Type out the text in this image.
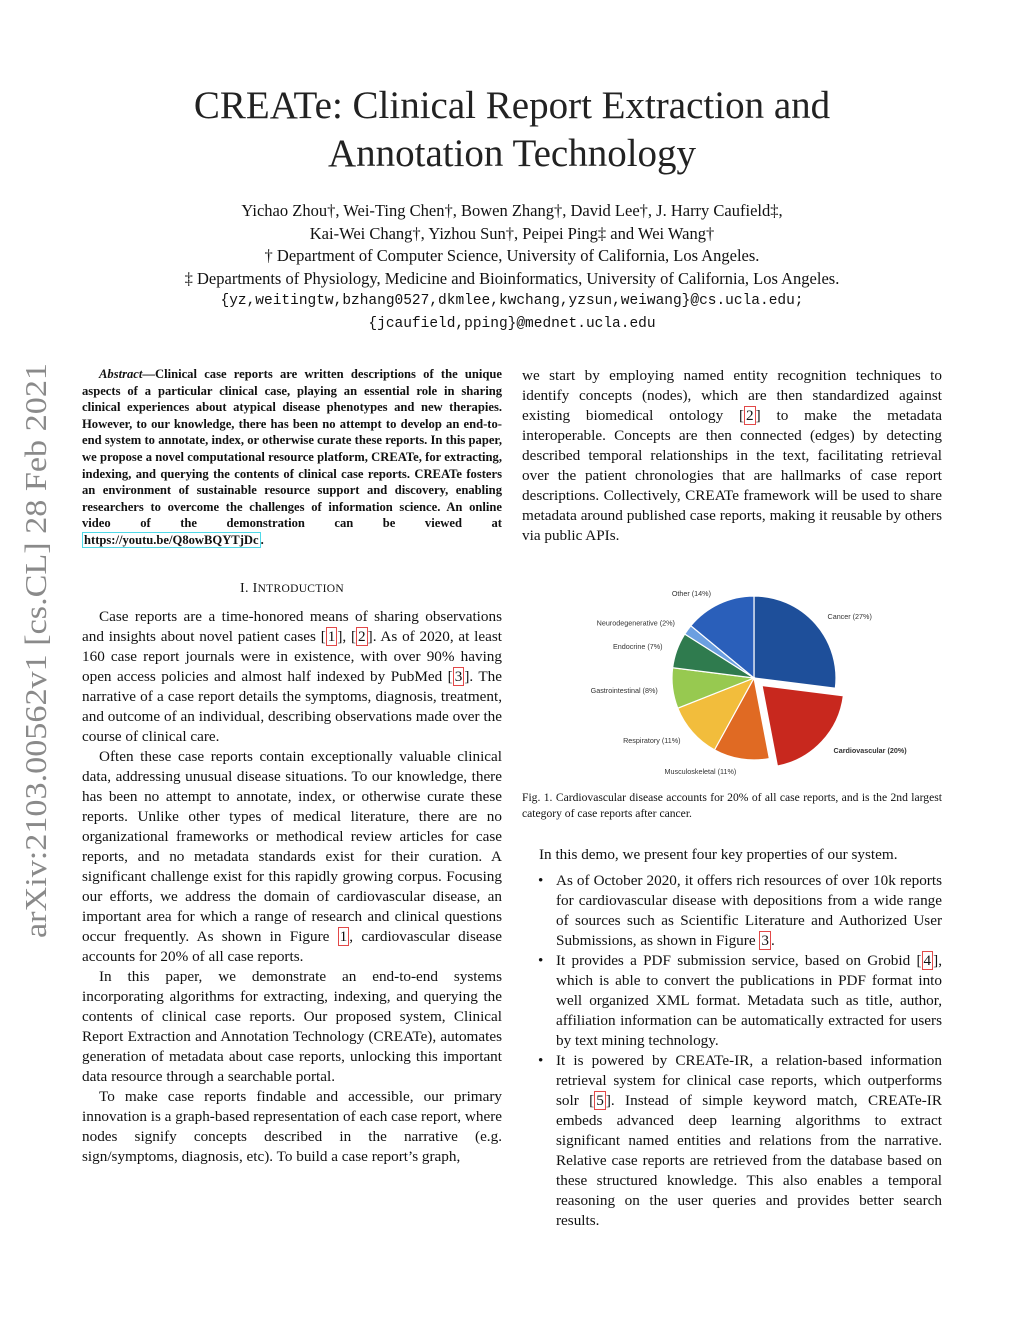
arXiv:2103.00562v1 [cs.CL] 28 Feb 2021
CREATe: Clinical Report Extraction and
Annotation Technology
Yichao Zhou†, Wei-Ting Chen†, Bowen Zhang†, David Lee†, J. Harry Caufield‡,
Kai-Wei Chang†, Yizhou Sun†, Peipei Ping‡ and Wei Wang†
† Department of Computer Science, University of California, Los Angeles.
‡ Departments of Physiology, Medicine and Bioinformatics, University of California, Los Angeles.
{yz,weitingtw,bzhang0527,dkmlee,kwchang,yzsun,weiwang}@cs.ucla.edu;
{jcaufield,pping}@mednet.ucla.edu

Abstract—Clinical case reports are written descriptions of the unique aspects of a particular clinical case, playing an essential role in sharing clinical experiences about atypical disease phenotypes and new therapies. However, to our knowledge, there has been no attempt to develop an end-to-end system to annotate, index, or otherwise curate these reports. In this paper, we propose a novel computational resource platform, CREATe, for extracting, indexing, and querying the contents of clinical case reports. CREATe fosters an environment of sustainable resource support and discovery, enabling researchers to overcome the challenges of information science. An online video of the demonstration can be viewed at https://youtu.be/Q8owBQYTjDc .

I. INTRODUCTION

Case reports are a time-honored means of sharing observations and insights about novel patient cases [ 1 ], [ 2 ]. As of 2020, at least 160 case report journals were in existence, with over 90% having open access policies and almost half indexed by PubMed [ 3 ]. The narrative of a case report details the symptoms, diagnosis, treatment, and outcome of an individual, describing observations made over the course of clinical care.

Often these case reports contain exceptionally valuable clinical data, addressing unusual disease situations. To our knowledge, there has been no attempt to annotate, index, or otherwise curate these reports. Unlike other types of medical literature, there are no organizational frameworks or methodical review articles for case reports, and no metadata standards exist for their curation. A significant challenge exist for this rapidly growing corpus. Focusing our efforts, we address the domain of cardiovascular disease, an important area for which a range of research and clinical questions occur frequently. As shown in Figure 1 , cardiovascular disease accounts for 20% of all case reports.

In this paper, we demonstrate an end-to-end systems incorporating algorithms for extracting, indexing, and querying the contents of clinical case reports. Our proposed system, Clinical Report Extraction and Annotation Technology (CREATe), automates generation of metadata about case reports, unlocking this important data resource through a searchable portal.

To make case reports findable and accessible, our primary innovation is a graph-based representation of each case report, where nodes signify concepts described in the narrative (e.g. sign/symptoms, diagnosis, etc). To build a case report’s graph,

we start by employing named entity recognition techniques to identify concepts (nodes), which are then standardized against existing biomedical ontology [ 2 ] to make the metadata interoperable. Concepts are then connected (edges) by detecting described temporal relationships in the text, facilitating retrieval over the patient chronologies that are hallmarks of case report descriptions. Collectively, CREATe framework will be used to share metadata around published case reports, making it reusable by others via public APIs.

Cancer (27%)
Cardiovascular (20%)
Musculoskeletal (11%)
Respiratory (11%)
Gastrointestinal (8%)
Endocrine (7%)
Neurodegenerative (2%)
Other (14%)
Fig. 1. Cardiovascular disease accounts for 20% of all case reports, and is the 2nd largest category of case reports after cancer.

In this demo, we present four key properties of our system.

• As of October 2020, it offers rich resources of over 10k reports for cardiovascular disease with depositions from a wide range of sources such as Scientific Literature and Authorized User Submissions, as shown in Figure 3 .
• It provides a PDF submission service, based on Grobid [ 4 ], which is able to convert the publications in PDF format into well organized XML format. Metadata such as title, author, affiliation information can be automatically extracted for users by text mining technology.
• It is powered by CREATe-IR, a relation-based information retrieval system for clinical case reports, which outperforms solr [ 5 ]. Instead of simple keyword match, CREATe-IR embeds advanced deep learning algorithms to extract significant named entities and relations from the narrative. Relative case reports are retrieved from the database based on these structured knowledge. This also enables a temporal reasoning on the user queries and provides better search results.
